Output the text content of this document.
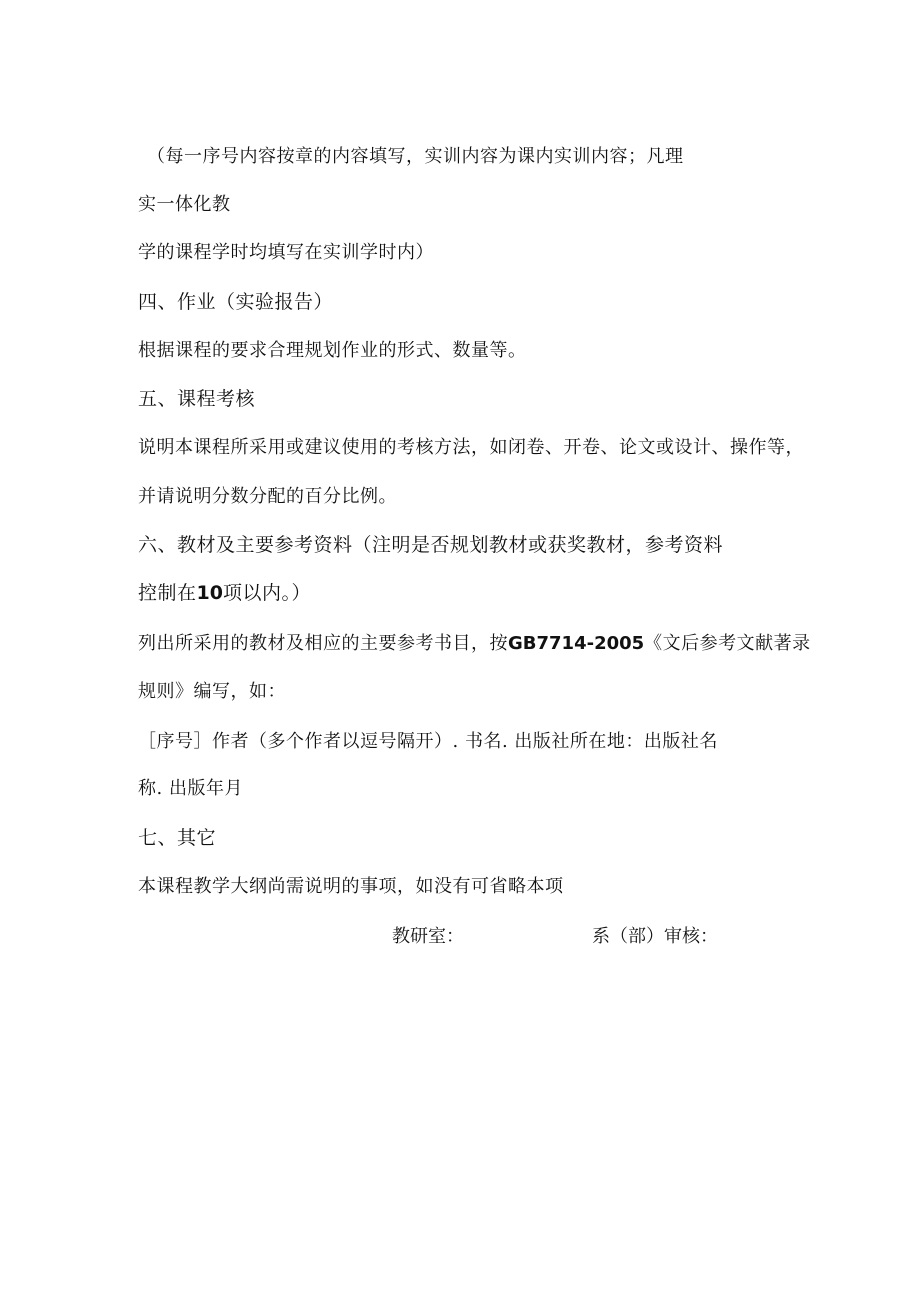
（每一序号内容按章的内容填写，实训内容为课内实训内容；凡理
实一体化教
学的课程学时均填写在实训学时内）
四、作业（实验报告）
根据课程的要求合理规划作业的形式、数量等。
五、课程考核
说明本课程所采用或建议使用的考核方法，如闭卷、开卷、论文或设计、操作等，
并请说明分数分配的百分比例。
六、教材及主要参考资料（注明是否规划教材或获奖教材，参考资料
控制在10项以内。）
列出所采用的教材及相应的主要参考书目，按GB7714-2005《文后参考文献著录
规则》编写，如：
［序号］作者（多个作者以逗号隔开）. 书名. 出版社所在地：出版社名
称. 出版年月
七、其它
本课程教学大纲尚需说明的事项，如没有可省略本项
教研室：	系（部）审核：
